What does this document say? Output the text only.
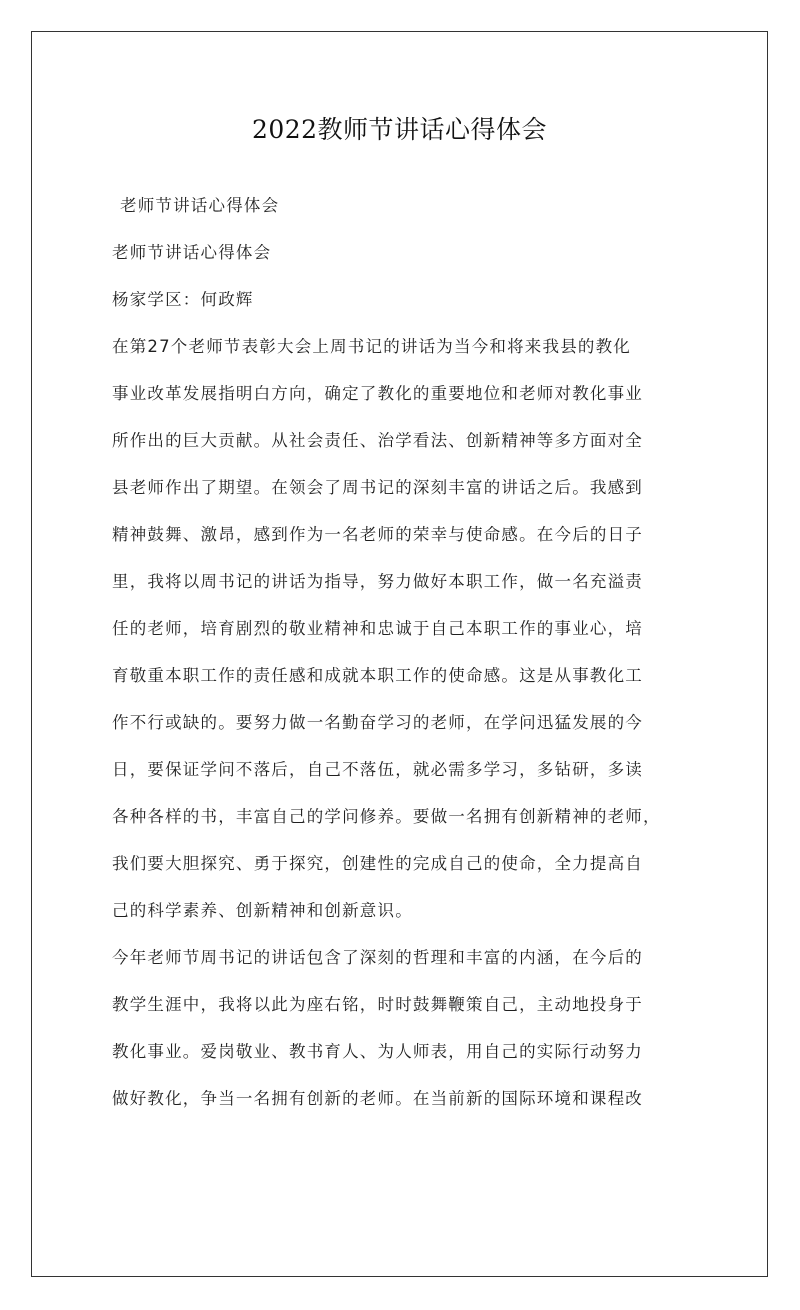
2022教师节讲话心得体会

老师节讲话心得体会

老师节讲话心得体会

杨家学区：何政辉

在第27个老师节表彰大会上周书记的讲话为当今和将来我县的教化

事业改革发展指明白方向，确定了教化的重要地位和老师对教化事业

所作出的巨大贡献。从社会责任、治学看法、创新精神等多方面对全

县老师作出了期望。在领会了周书记的深刻丰富的讲话之后。我感到

精神鼓舞、激昂，感到作为一名老师的荣幸与使命感。在今后的日子

里，我将以周书记的讲话为指导，努力做好本职工作，做一名充溢责

任的老师，培育剧烈的敬业精神和忠诚于自己本职工作的事业心，培

育敬重本职工作的责任感和成就本职工作的使命感。这是从事教化工

作不行或缺的。要努力做一名勤奋学习的老师，在学问迅猛发展的今

日，要保证学问不落后，自己不落伍，就必需多学习，多钻研，多读

各种各样的书，丰富自己的学问修养。要做一名拥有创新精神的老师，

我们要大胆探究、勇于探究，创建性的完成自己的使命，全力提高自

己的科学素养、创新精神和创新意识。

今年老师节周书记的讲话包含了深刻的哲理和丰富的内涵，在今后的

教学生涯中，我将以此为座右铭，时时鼓舞鞭策自己，主动地投身于

教化事业。爱岗敬业、教书育人、为人师表，用自己的实际行动努力

做好教化，争当一名拥有创新的老师。在当前新的国际环境和课程改
